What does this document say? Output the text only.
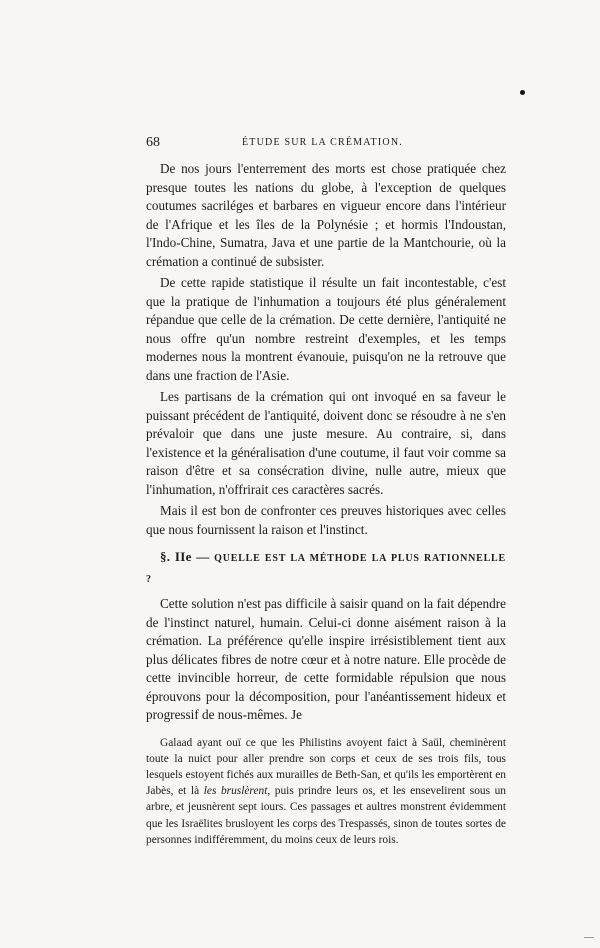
68	ÉTUDE SUR LA CRÉMATION.

De nos jours l'enterrement des morts est chose pratiquée chez presque toutes les nations du globe, à l'exception de quelques coutumes sacriléges et barbares en vigueur encore dans l'intérieur de l'Afrique et les îles de la Polynésie ; et hormis l'Indoustan, l'Indo-Chine, Sumatra, Java et une partie de la Mantchourie, où la crémation a continué de subsister.

De cette rapide statistique il résulte un fait incontestable, c'est que la pratique de l'inhumation a toujours été plus généralement répandue que celle de la crémation. De cette dernière, l'antiquité ne nous offre qu'un nombre restreint d'exemples, et les temps modernes nous la montrent évanouie, puisqu'on ne la retrouve que dans une fraction de l'Asie.

Les partisans de la crémation qui ont invoqué en sa faveur le puissant précédent de l'antiquité, doivent donc se résoudre à ne s'en prévaloir que dans une juste mesure. Au contraire, si, dans l'existence et la généralisation d'une coutume, il faut voir comme sa raison d'être et sa consécration divine, nulle autre, mieux que l'inhumation, n'offrirait ces caractères sacrés.

Mais il est bon de confronter ces preuves historiques avec celles que nous fournissent la raison et l'instinct.

§. IIe — QUELLE EST LA MÉTHODE LA PLUS RATIONNELLE ?

Cette solution n'est pas difficile à saisir quand on la fait dépendre de l'instinct naturel, humain. Celui-ci donne aisément raison à la crémation. La préférence qu'elle inspire irrésistiblement tient aux plus délicates fibres de notre cœur et à notre nature. Elle procède de cette invincible horreur, de cette formidable répulsion que nous éprouvons pour la décomposition, pour l'anéantissement hideux et progressif de nous-mêmes. Je

Galaad ayant ouï ce que les Philistins avoyent faict à Saül, cheminèrent toute la nuict pour aller prendre son corps et ceux de ses trois fils, tous lesquels estoyent fichés aux murailles de Beth-San, et qu'ils les emportèrent en Jabès, et là les bruslèrent, puis prindre leurs os, et les ensevelirent sous un arbre, et jeusnèrent sept iours. Ces passages et aultres monstrent évidemment que les Israëlites brusloyent les corps des Trespassés, sinon de toutes sortes de personnes indifféremment, du moins ceux de leurs rois.
